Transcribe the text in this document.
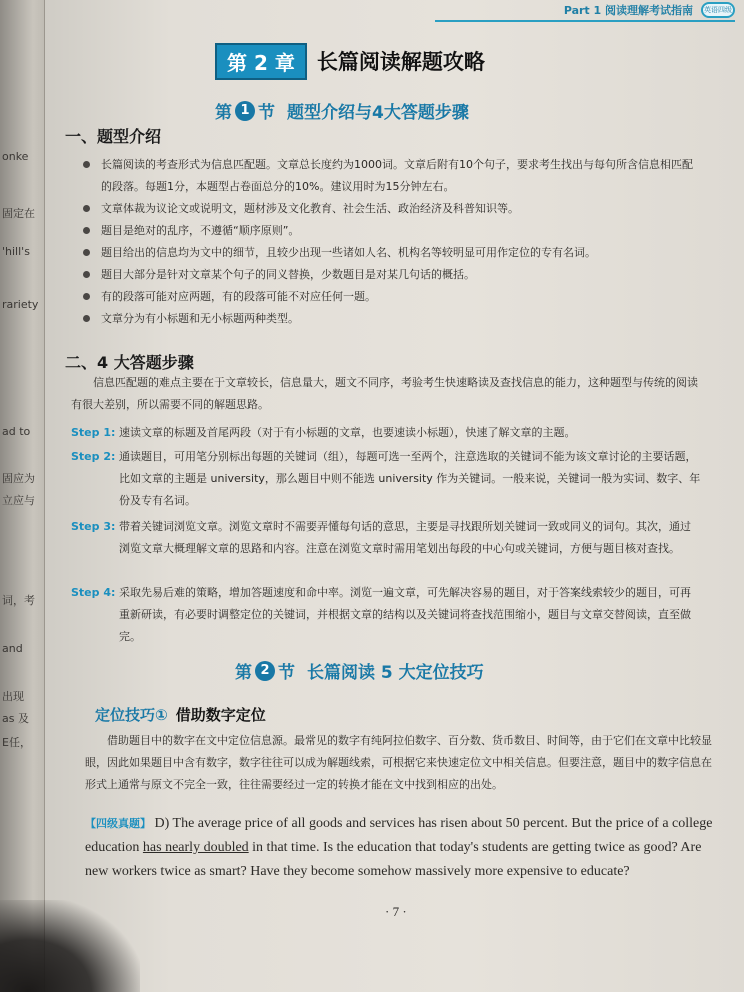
onke
固定在
'hill's
rariety
ad to
固应为
立应与
词，考
and
出现
as 及
E任，
Part 1 阅读理解考试指南	英语四级
第 2 章	长篇阅读解题攻略
第 1 节 题型介绍与4大答题步骤
一、题型介绍
长篇阅读的考查形式为信息匹配题。文章总长度约为1000词。文章后附有10个句子，要求考生找出与每句所含信息相匹配的段落。每题1分，本题型占卷面总分的10%。建议用时为15分钟左右。
文章体裁为议论文或说明文，题材涉及文化教育、社会生活、政治经济及科普知识等。
题目是绝对的乱序，不遵循“顺序原则”。
题目给出的信息均为文中的细节，且较少出现一些诸如人名、机构名等较明显可用作定位的专有名词。
题目大部分是针对文章某个句子的同义替换，少数题目是对某几句话的概括。
有的段落可能对应两题，有的段落可能不对应任何一题。
文章分为有小标题和无小标题两种类型。
二、4 大答题步骤
信息匹配题的难点主要在于文章较长，信息量大，题文不同序，考验考生快速略读及查找信息的能力，这种题型与传统的阅读有很大差别，所以需要不同的解题思路。
Step 1: 速读文章的标题及首尾两段（对于有小标题的文章，也要速读小标题），快速了解文章的主题。
Step 2: 通读题目，可用笔分别标出每题的关键词（组），每题可选一至两个，注意选取的关键词不能为该文章讨论的主要话题，比如文章的主题是 university，那么题目中则不能选 university 作为关键词。一般来说，关键词一般为实词、数字、年份及专有名词。
Step 3: 带着关键词浏览文章。浏览文章时不需要弄懂每句话的意思，主要是寻找跟所划关键词一致或同义的词句。其次，通过浏览文章大概理解文章的思路和内容。注意在浏览文章时需用笔划出每段的中心句或关键词，方便与题目核对查找。
Step 4: 采取先易后难的策略，增加答题速度和命中率。浏览一遍文章，可先解决容易的题目，对于答案线索较少的题目，可再重新研读，有必要时调整定位的关键词，并根据文章的结构以及关键词将查找范围缩小，题目与文章交替阅读，直至做完。
第 2 节 长篇阅读 5 大定位技巧
定位技巧① 借助数字定位
借助题目中的数字在文中定位信息源。最常见的数字有纯阿拉伯数字、百分数、货币数目、时间等，由于它们在文章中比较显眼，因此如果题目中含有数字，数字往往可以成为解题线索，可根据它来快速定位文中相关信息。但要注意，题目中的数字信息在形式上通常与原文不完全一致，往往需要经过一定的转换才能在文中找到相应的出处。
【四级真题】 D) The average price of all goods and services has risen about 50 percent. But the price of a college education has nearly doubled in that time. Is the education that today's students are getting twice as good? Are new workers twice as smart? Have they become somehow massively more expensive to educate?
· 7 ·
